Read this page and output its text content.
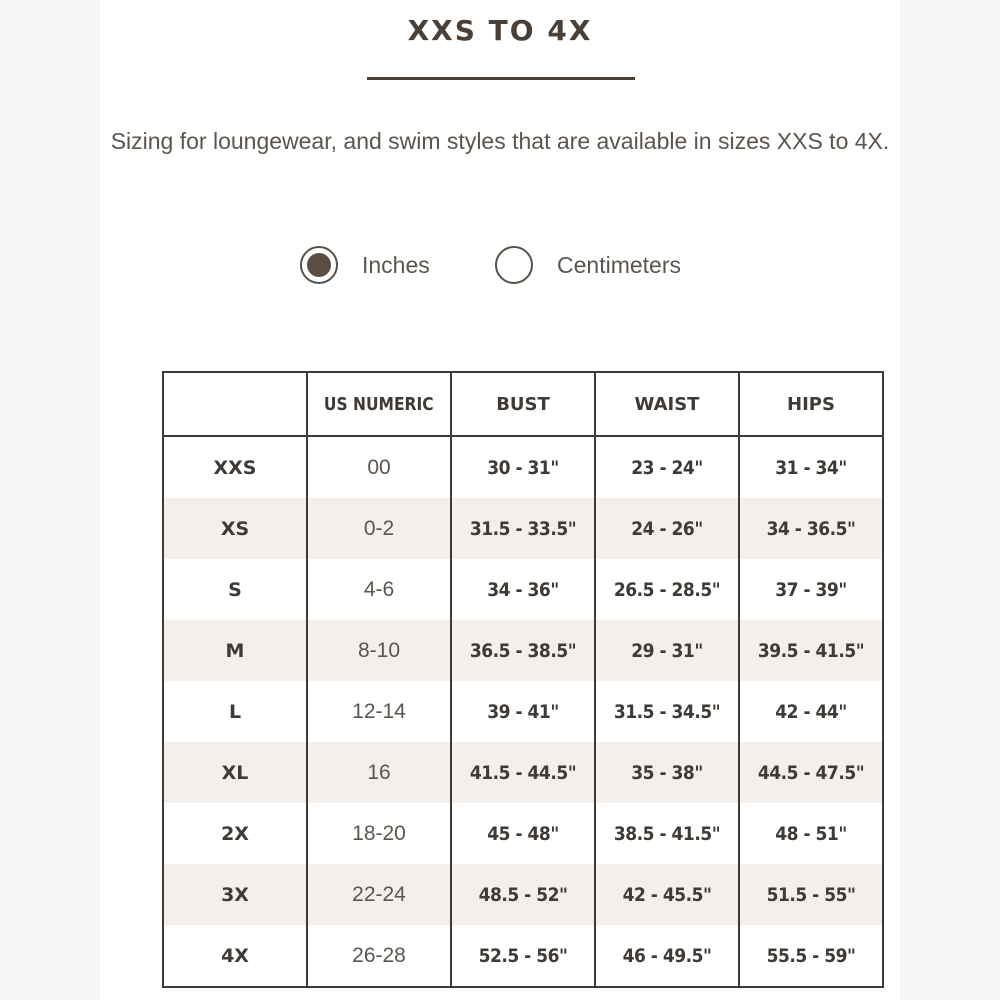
XXS TO 4X
Sizing for loungewear, and swim styles that are available in sizes XXS to 4X.
Inches	Centimeters
	US NUMERIC	BUST	WAIST	HIPS
XXS	00	30 - 31"	23 - 24"	31 - 34"
XS	0-2	31.5 - 33.5"	24 - 26"	34 - 36.5"
S	4-6	34 - 36"	26.5 - 28.5"	37 - 39"
M	8-10	36.5 - 38.5"	29 - 31"	39.5 - 41.5"
L	12-14	39 - 41"	31.5 - 34.5"	42 - 44"
XL	16	41.5 - 44.5"	35 - 38"	44.5 - 47.5"
2X	18-20	45 - 48"	38.5 - 41.5"	48 - 51"
3X	22-24	48.5 - 52"	42 - 45.5"	51.5 - 55"
4X	26-28	52.5 - 56"	46 - 49.5"	55.5 - 59"
